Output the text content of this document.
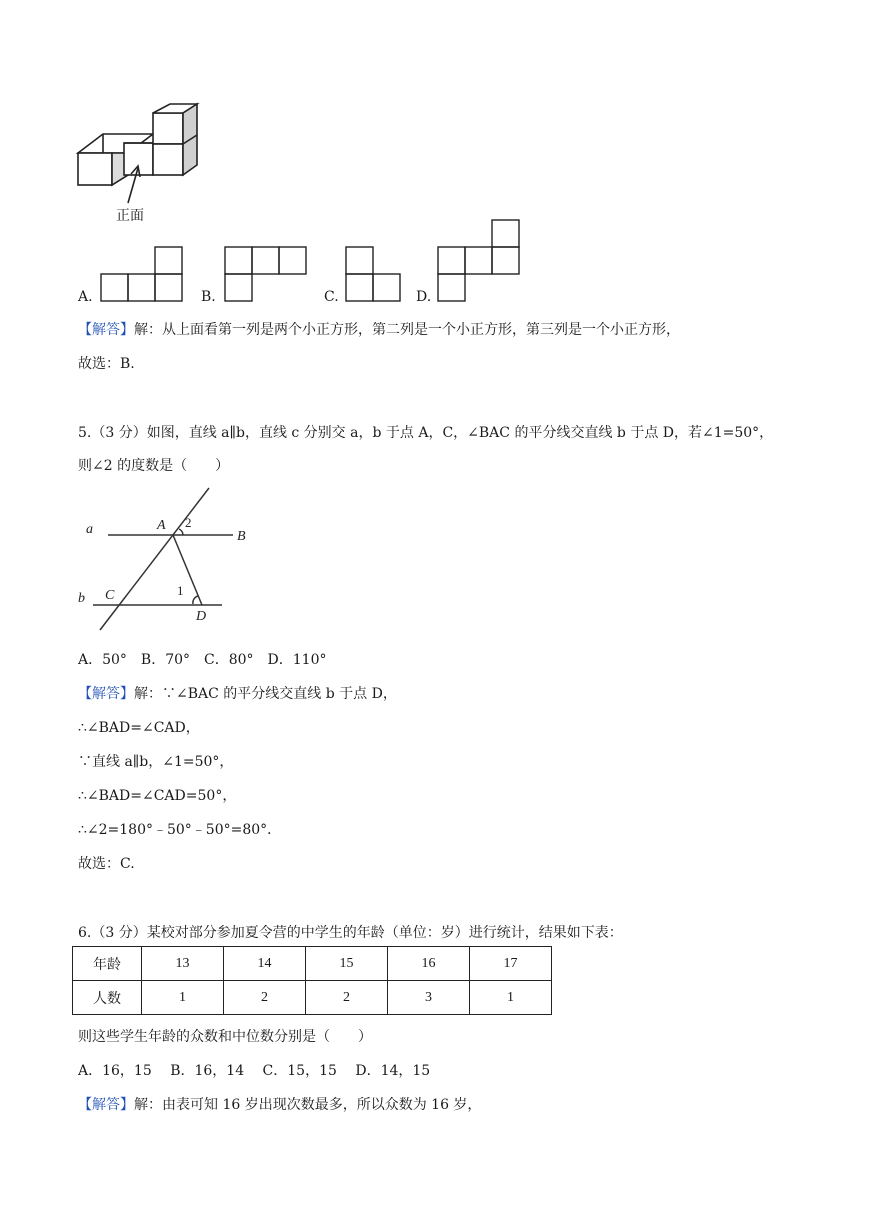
正面
A.	B.	C.	D.
【解答】解：从上面看第一列是两个小正方形，第二列是一个小正方形，第三列是一个小正方形，
故选：B.
5.（3 分）如图，直线 a∥b，直线 c 分别交 a，b 于点 A，C，∠BAC 的平分线交直线 b 于点 D，若∠1=50°，
则∠2 的度数是（　　）
a
b
A
B
C
D
2
1
A．50°　B．70°　C．80°　D．110°
【解答】解：∵∠BAC 的平分线交直线 b 于点 D，
∴∠BAD=∠CAD，
∵直线 a∥b，∠1=50°，
∴∠BAD=∠CAD=50°，
∴∠2=180°﹣50°﹣50°=80°．
故选：C.
6.（3 分）某校对部分参加夏令营的中学生的年龄（单位：岁）进行统计，结果如下表：
年龄	13	14	15	16	17
人数	1	2	2	3	1
则这些学生年龄的众数和中位数分别是（　　）
A．16，15　 B．16，14　 C．15，15　 D．14，15
【解答】解：由表可知 16 岁出现次数最多，所以众数为 16 岁，
